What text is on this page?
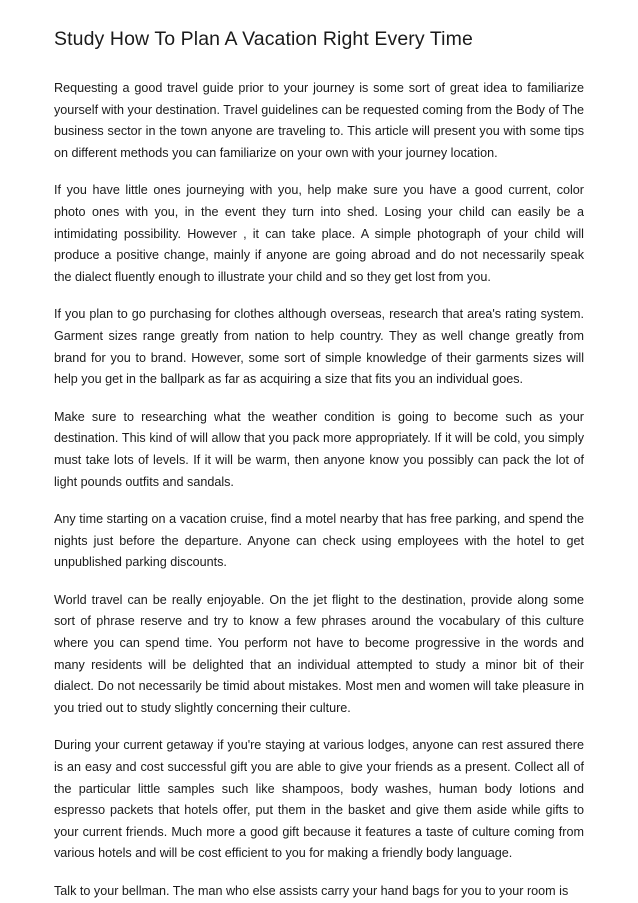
Study How To Plan A Vacation Right Every Time

Requesting a good travel guide prior to your journey is some sort of great idea to familiarize yourself with your destination. Travel guidelines can be requested coming from the Body of The business sector in the town anyone are traveling to. This article will present you with some tips on different methods you can familiarize on your own with your journey location.

If you have little ones journeying with you, help make sure you have a good current, color photo ones with you, in the event they turn into shed. Losing your child can easily be a intimidating possibility. However , it can take place. A simple photograph of your child will produce a positive change, mainly if anyone are going abroad and do not necessarily speak the dialect fluently enough to illustrate your child and so they get lost from you.

If you plan to go purchasing for clothes although overseas, research that area's rating system. Garment sizes range greatly from nation to help country. They as well change greatly from brand for you to brand. However, some sort of simple knowledge of their garments sizes will help you get in the ballpark as far as acquiring a size that fits you an individual goes.

Make sure to researching what the weather condition is going to become such as your destination. This kind of will allow that you pack more appropriately. If it will be cold, you simply must take lots of levels. If it will be warm, then anyone know you possibly can pack the lot of light pounds outfits and sandals.

Any time starting on a vacation cruise, find a motel nearby that has free parking, and spend the nights just before the departure. Anyone can check using employees with the hotel to get unpublished parking discounts.

World travel can be really enjoyable. On the jet flight to the destination, provide along some sort of phrase reserve and try to know a few phrases around the vocabulary of this culture where you can spend time. You perform not have to become progressive in the words and many residents will be delighted that an individual attempted to study a minor bit of their dialect. Do not necessarily be timid about mistakes. Most men and women will take pleasure in you tried out to study slightly concerning their culture.

During your current getaway if you're staying at various lodges, anyone can rest assured there is an easy and cost successful gift you are able to give your friends as a present. Collect all of the particular little samples such like shampoos, body washes, human body lotions and espresso packets that hotels offer, put them in the basket and give them aside while gifts to your current friends. Much more a good gift because it features a taste of culture coming from various hotels and will be cost efficient to you for making a friendly body language.

Talk to your bellman. The man who else assists carry your hand bags for you to your room is
